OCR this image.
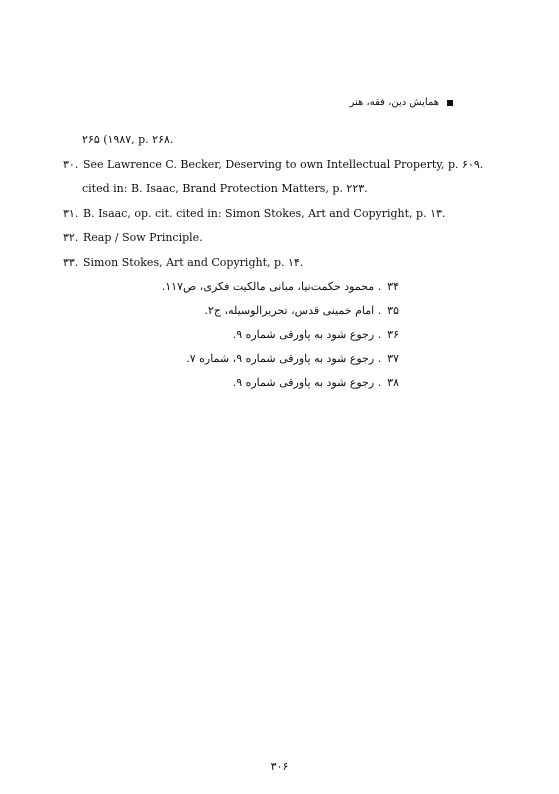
همایش دین، فقه، هنر
۲۶۵ (۱۹۸۷, p. ۲۶۸.
۳۰. See Lawrence C. Becker, Deserving to own Intellectual Property, p. ۶۰۹.
cited in: B. Isaac, Brand Protection Matters, p. ۲۲۳.
۳۱. B. Isaac, op. cit. cited in: Simon Stokes, Art and Copyright, p. ۱۳.
۳۲. Reap / Sow Principle.
۳۳. Simon Stokes, Art and Copyright, p. ۱۴.
۳۴. محمود حکمت‌نیا، مبانی مالکیت فکری، ص۱۱۷.
۳۵. امام خمینی قدس، تحریرالوسیله، ج۲.
۳۶. رجوع شود به پاورقی شماره ۹.
۳۷. رجوع شود به پاورقی شماره ۹، شماره ۷.
۳۸. رجوع شود به پاورقی شماره ۹.
۳۰۶
